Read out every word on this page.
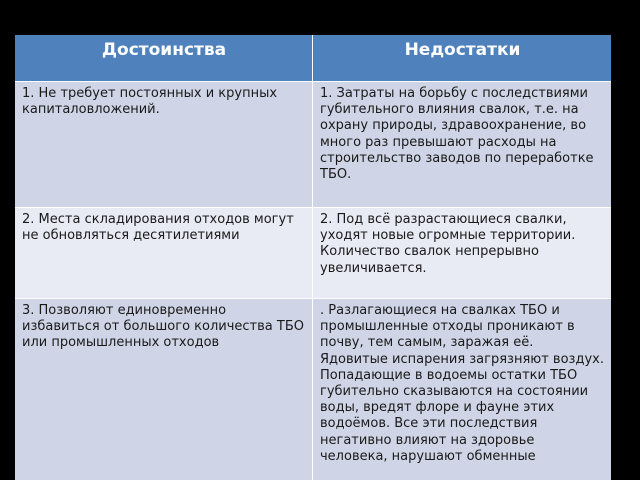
Достоинства	Недостатки
1. Не требует постоянных и крупных капиталовложений.
1. Затраты на борьбу с последствиями губительного влияния свалок, т.е. на охрану природы, здравоохранение, во много раз превышают расходы на строительство заводов по переработке ТБО.
2. Места складирования отходов могут не обновляться десятилетиями
2. Под всё разрастающиеся свалки, уходят новые огромные территории. Количество свалок непрерывно увеличивается.
3. Позволяют единовременно избавиться от большого количества ТБО или промышленных отходов
. Разлагающиеся на свалках ТБО и промышленные отходы проникают в почву, тем самым, заражая её. Ядовитые испарения загрязняют воздух. Попадающие в водоемы остатки ТБО губительно сказываются на состоянии воды, вредят флоре и фауне этих водоёмов. Все эти последствия негативно влияют на здоровье человека, нарушают обменные
